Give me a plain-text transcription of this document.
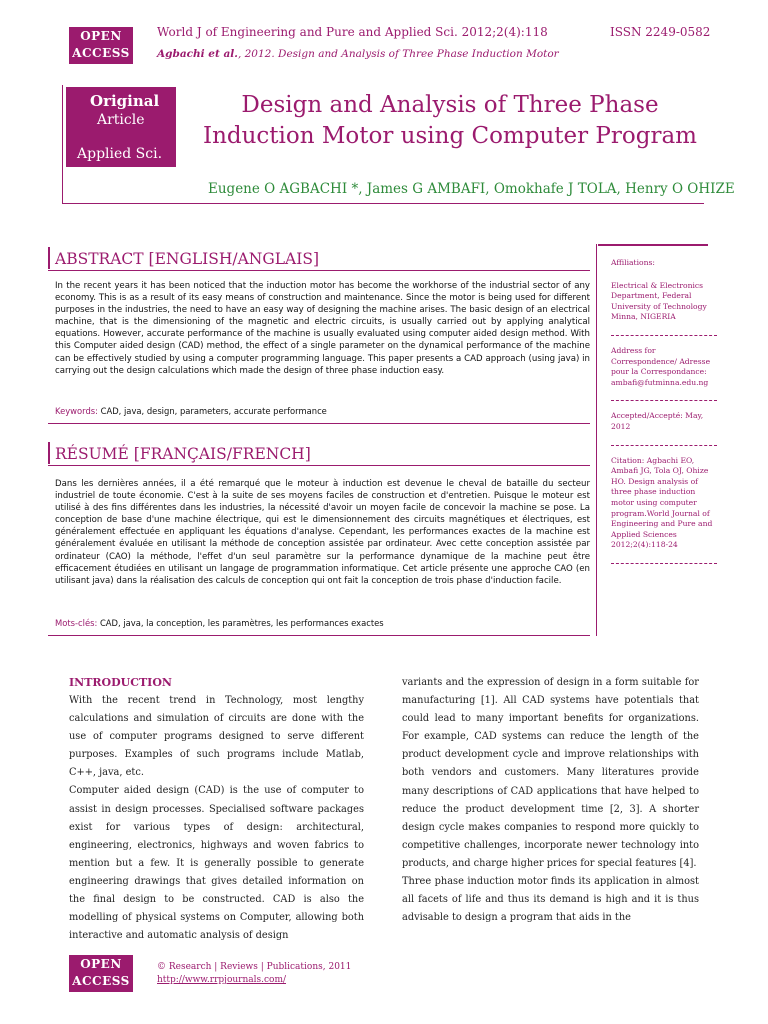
OPEN
ACCESS
World J of Engineering and Pure and Applied Sci. 2012;2(4):118	ISSN 2249-0582
Agbachi et al., 2012. Design and Analysis of Three Phase Induction Motor
Original
Article
Applied Sci.
Design and Analysis of Three Phase
Induction Motor using Computer Program
Eugene O AGBACHI *, James G AMBAFI, Omokhafe J TOLA, Henry O OHIZE
ABSTRACT [ENGLISH/ANGLAIS]
In the recent years it has been noticed that the induction motor has become the workhorse of the industrial sector of any economy. This is as a result of its easy means of construction and maintenance. Since the motor is being used for different purposes in the industries, the need to have an easy way of designing the machine arises. The basic design of an electrical machine, that is the dimensioning of the magnetic and electric circuits, is usually carried out by applying analytical equations. However, accurate performance of the machine is usually evaluated using computer aided design method. With this Computer aided design (CAD) method, the effect of a single parameter on the dynamical performance of the machine can be effectively studied by using a computer programming language. This paper presents a CAD approach (using java) in carrying out the design calculations which made the design of three phase induction easy.
Keywords: CAD, java, design, parameters, accurate performance
RÉSUMÉ [FRANÇAIS/FRENCH]
Dans les dernières années, il a été remarqué que le moteur à induction est devenue le cheval de bataille du secteur industriel de toute économie. C'est à la suite de ses moyens faciles de construction et d'entretien. Puisque le moteur est utilisé à des fins différentes dans les industries, la nécessité d'avoir un moyen facile de concevoir la machine se pose. La conception de base d'une machine électrique, qui est le dimensionnement des circuits magnétiques et électriques, est généralement effectuée en appliquant les équations d'analyse. Cependant, les performances exactes de la machine est généralement évaluée en utilisant la méthode de conception assistée par ordinateur. Avec cette conception assistée par ordinateur (CAO) la méthode, l'effet d'un seul paramètre sur la performance dynamique de la machine peut être efficacement étudiées en utilisant un langage de programmation informatique. Cet article présente une approche CAO (en utilisant java) dans la réalisation des calculs de conception qui ont fait la conception de trois phase d'induction facile.
Mots-clés: CAD, java, la conception, les paramètres, les performances exactes
Affiliations:
Electrical & Electronics Department, Federal University of Technology Minna, NIGERIA
Address for Correspondence/ Adresse pour la Correspondance:
ambafi@futminna.edu.ng
Accepted/Accepté: May, 2012
Citation: Agbachi EO, Ambafi JG, Tola OJ, Ohize HO. Design analysis of three phase induction motor using computer program.World Journal of Engineering and Pure and Applied Sciences 2012;2(4):118-24
INTRODUCTION
With the recent trend in Technology, most lengthy calculations and simulation of circuits are done with the use of computer programs designed to serve different purposes. Examples of such programs include Matlab, C++, java, etc.
Computer aided design (CAD) is the use of computer to assist in design processes. Specialised software packages exist for various types of design: architectural, engineering, electronics, highways and woven fabrics to mention but a few. It is generally possible to generate engineering drawings that gives detailed information on the final design to be constructed. CAD is also the modelling of physical systems on Computer, allowing both interactive and automatic analysis of design
variants and the expression of design in a form suitable for manufacturing [1]. All CAD systems have potentials that could lead to many important benefits for organizations. For example, CAD systems can reduce the length of the product development cycle and improve relationships with both vendors and customers. Many literatures provide many descriptions of CAD applications that have helped to reduce the product development time [2, 3]. A shorter design cycle makes companies to respond more quickly to competitive challenges, incorporate newer technology into products, and charge higher prices for special features [4].
Three phase induction motor finds its application in almost all facets of life and thus its demand is high and it is thus advisable to design a program that aids in the
OPEN
ACCESS
© Research | Reviews | Publications, 2011
http://www.rrpjournals.com/
